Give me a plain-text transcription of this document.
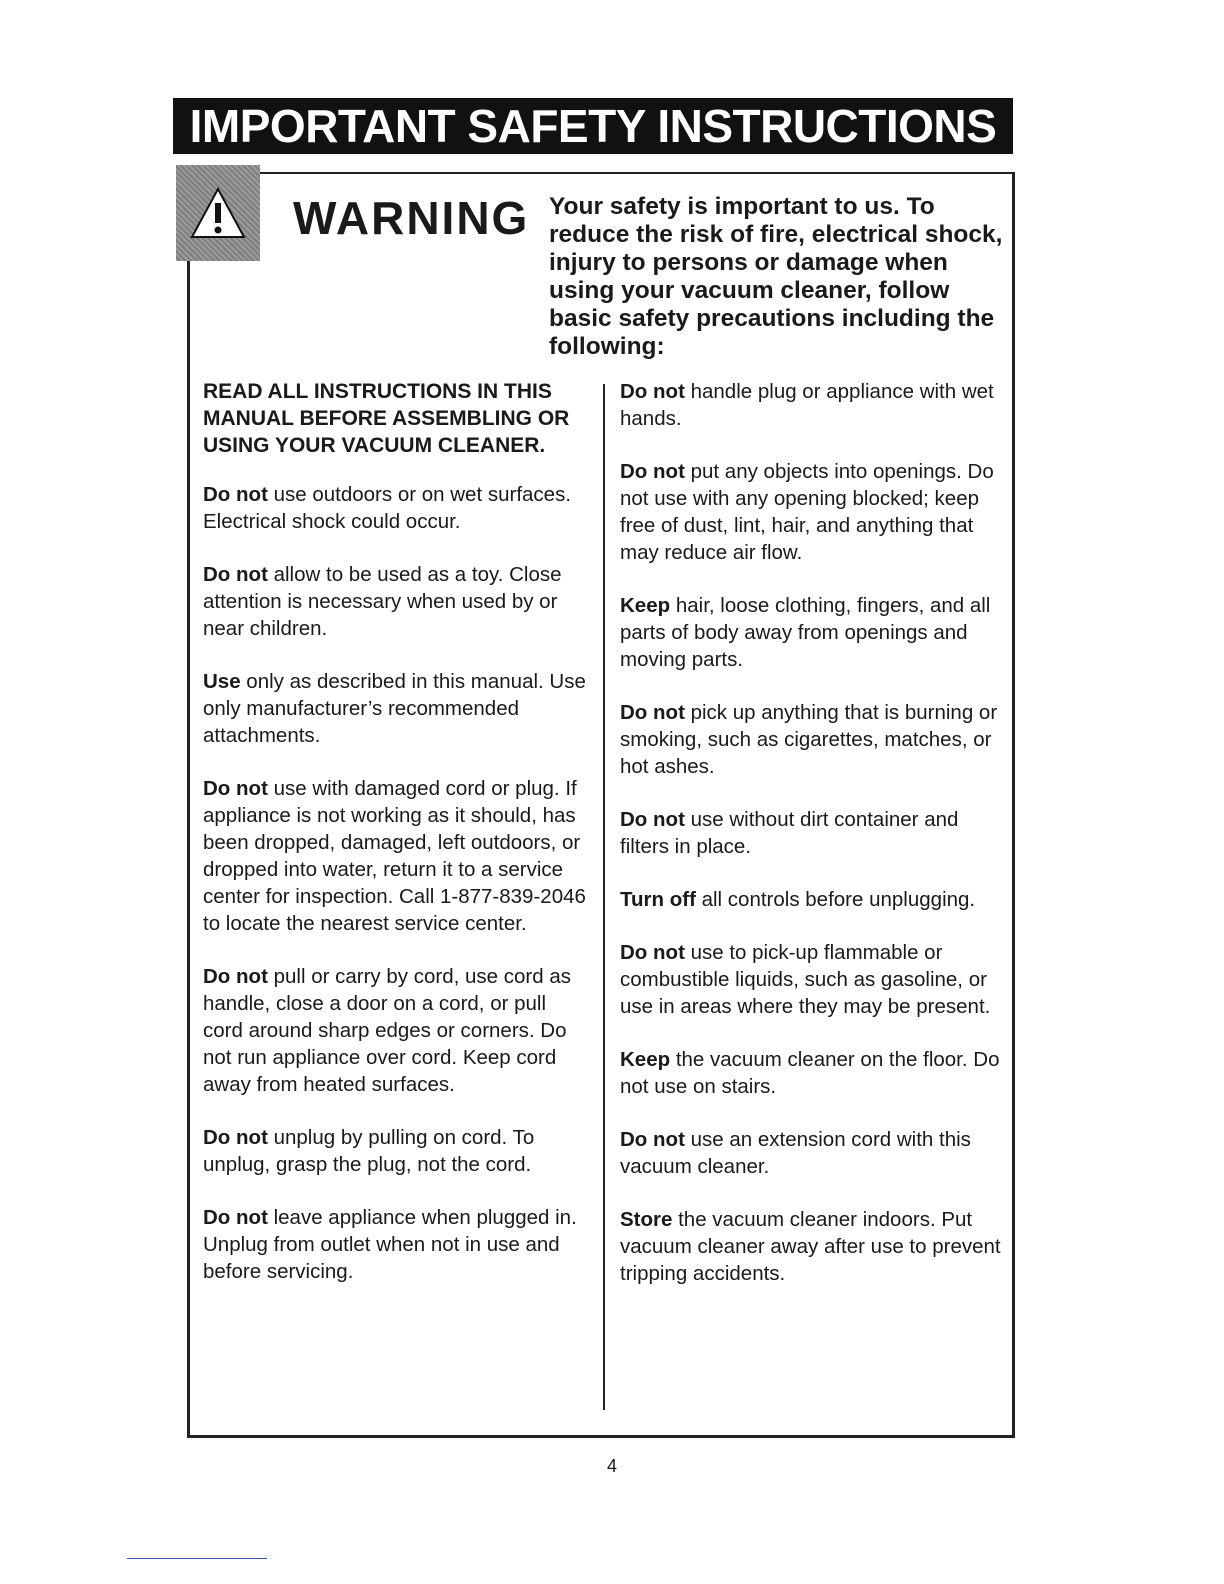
IMPORTANT SAFETY INSTRUCTIONS
WARNING Your safety is important to us. To reduce the risk of fire, electrical shock, injury to persons or damage when using your vacuum cleaner, follow basic safety precautions including the following:

READ ALL INSTRUCTIONS IN THIS MANUAL BEFORE ASSEMBLING OR USING YOUR VACUUM CLEANER.

Do not use outdoors or on wet surfaces. Electrical shock could occur.

Do not allow to be used as a toy. Close attention is necessary when used by or near children.

Use only as described in this manual. Use only manufacturer’s recommended attachments.

Do not use with damaged cord or plug. If appliance is not working as it should, has been dropped, damaged, left outdoors, or dropped into water, return it to a service center for inspection. Call 1-877-839-2046 to locate the nearest service center.

Do not pull or carry by cord, use cord as handle, close a door on a cord, or pull cord around sharp edges or corners. Do not run appliance over cord. Keep cord away from heated surfaces.

Do not unplug by pulling on cord. To unplug, grasp the plug, not the cord.

Do not leave appliance when plugged in. Unplug from outlet when not in use and before servicing.

Do not handle plug or appliance with wet hands.

Do not put any objects into openings. Do not use with any opening blocked; keep free of dust, lint, hair, and anything that may reduce air flow.

Keep hair, loose clothing, fingers, and all parts of body away from openings and moving parts.

Do not pick up anything that is burning or smoking, such as cigarettes, matches, or hot ashes.

Do not use without dirt container and filters in place.

Turn off all controls before unplugging.

Do not use to pick-up flammable or combustible liquids, such as gasoline, or use in areas where they may be present.

Keep the vacuum cleaner on the floor. Do not use on stairs.

Do not use an extension cord with this vacuum cleaner.

Store the vacuum cleaner indoors. Put vacuum cleaner away after use to prevent tripping accidents.

4
